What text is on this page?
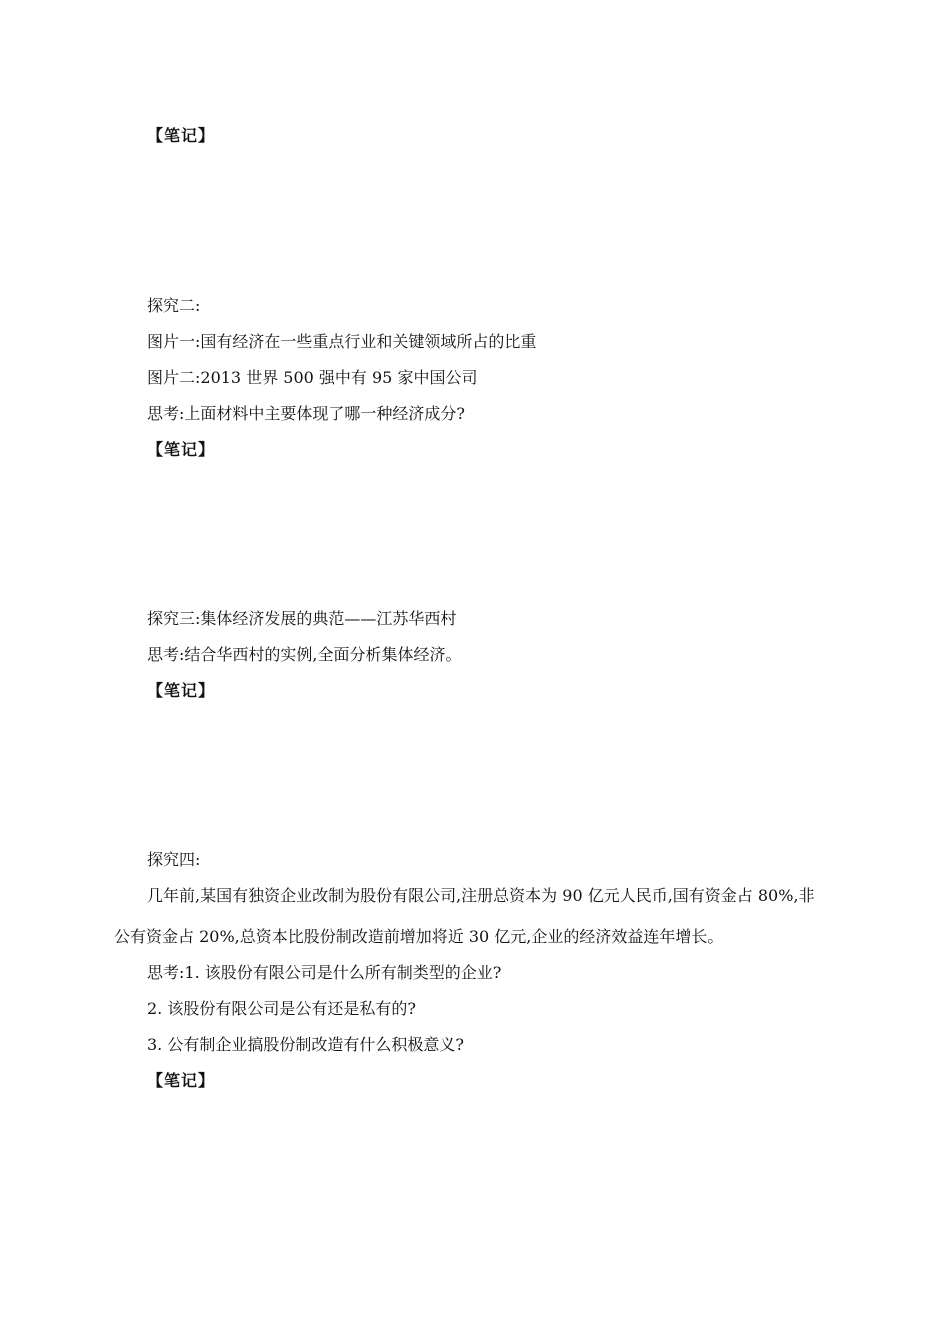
【笔记】

探究二:

图片一:国有经济在一些重点行业和关键领域所占的比重

图片二:2013 世界 500 强中有 95 家中国公司

思考:上面材料中主要体现了哪一种经济成分?

【笔记】

探究三:集体经济发展的典范——江苏华西村

思考:结合华西村的实例,全面分析集体经济。

【笔记】

探究四:

几年前,某国有独资企业改制为股份有限公司,注册总资本为 90 亿元人民币,国有资金占 80%,非

公有资金占 20%,总资本比股份制改造前增加将近 30 亿元,企业的经济效益连年增长。

思考:1. 该股份有限公司是什么所有制类型的企业?

2. 该股份有限公司是公有还是私有的?

3. 公有制企业搞股份制改造有什么积极意义?

【笔记】
